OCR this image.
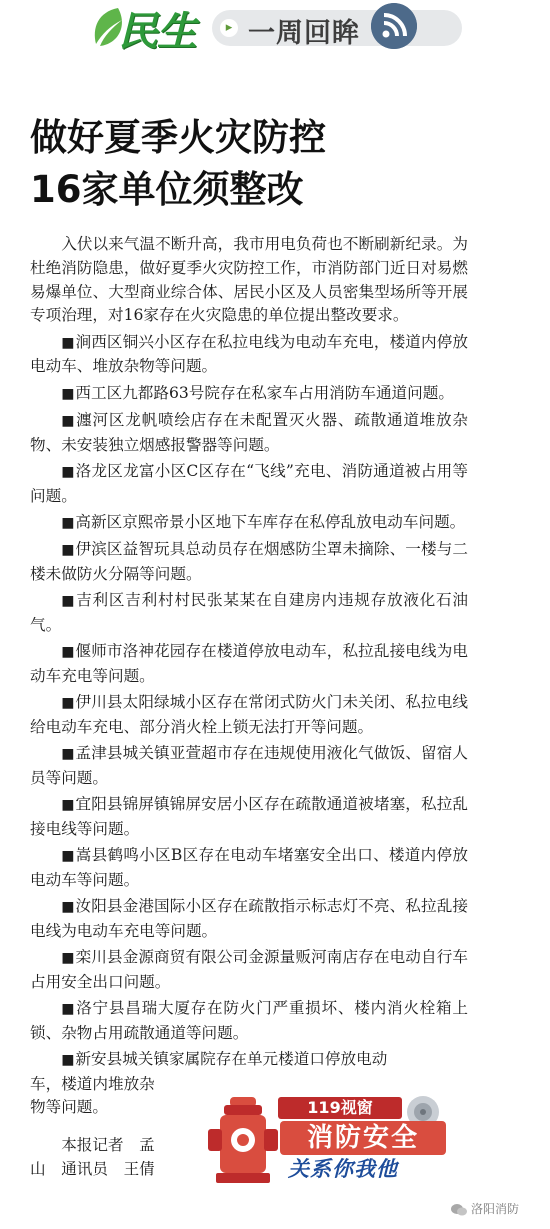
民生	▸ 一周回眸
做好夏季火灾防控
16家单位须整改

入伏以来气温不断升高，我市用电负荷也不断刷新纪录。为杜绝消防隐患，做好夏季火灾防控工作，市消防部门近日对易燃易爆单位、大型商业综合体、居民小区及人员密集型场所等开展专项治理，对16家存在火灾隐患的单位提出整改要求。

■ 涧西区铜兴小区存在私拉电线为电动车充电，楼道内停放电动车、堆放杂物等问题。

■ 西工区九都路63号院存在私家车占用消防车通道问题。

■ 瀍河区龙帆喷绘店存在未配置灭火器、疏散通道堆放杂物、未安装独立烟感报警器等问题。

■ 洛龙区龙富小区C区存在“飞线”充电、消防通道被占用等问题。

■ 高新区京熙帝景小区地下车库存在私停乱放电动车问题。

■ 伊滨区益智玩具总动员存在烟感防尘罩未摘除、一楼与二楼未做防火分隔等问题。

■ 吉利区吉利村村民张某某在自建房内违规存放液化石油气。

■ 偃师市洛神花园存在楼道停放电动车，私拉乱接电线为电动车充电等问题。

■ 伊川县太阳绿城小区存在常闭式防火门未关闭、私拉电线给电动车充电、部分消火栓上锁无法打开等问题。

■ 孟津县城关镇亚萱超市存在违规使用液化气做饭、留宿人员等问题。

■ 宜阳县锦屏镇锦屏安居小区存在疏散通道被堵塞，私拉乱接电线等问题。

■ 嵩县鹤鸣小区B区存在电动车堵塞安全出口、楼道内停放电动车等问题。

■ 汝阳县金港国际小区存在疏散指示标志灯不亮、私拉乱接电线为电动车充电等问题。

■ 栾川县金源商贸有限公司金源量贩河南店存在电动自行车占用安全出口问题。

■ 洛宁县昌瑞大厦存在防火门严重损坏、楼内消火栓箱上锁、杂物占用疏散通道等问题。

■ 新安县城关镇家属院存在单元楼道口停放电动

车，楼道内堆放杂
物等问题。
本报记者　孟
山　通讯员　王倩
119视窗
消防安全
关系你我他
洛阳消防
